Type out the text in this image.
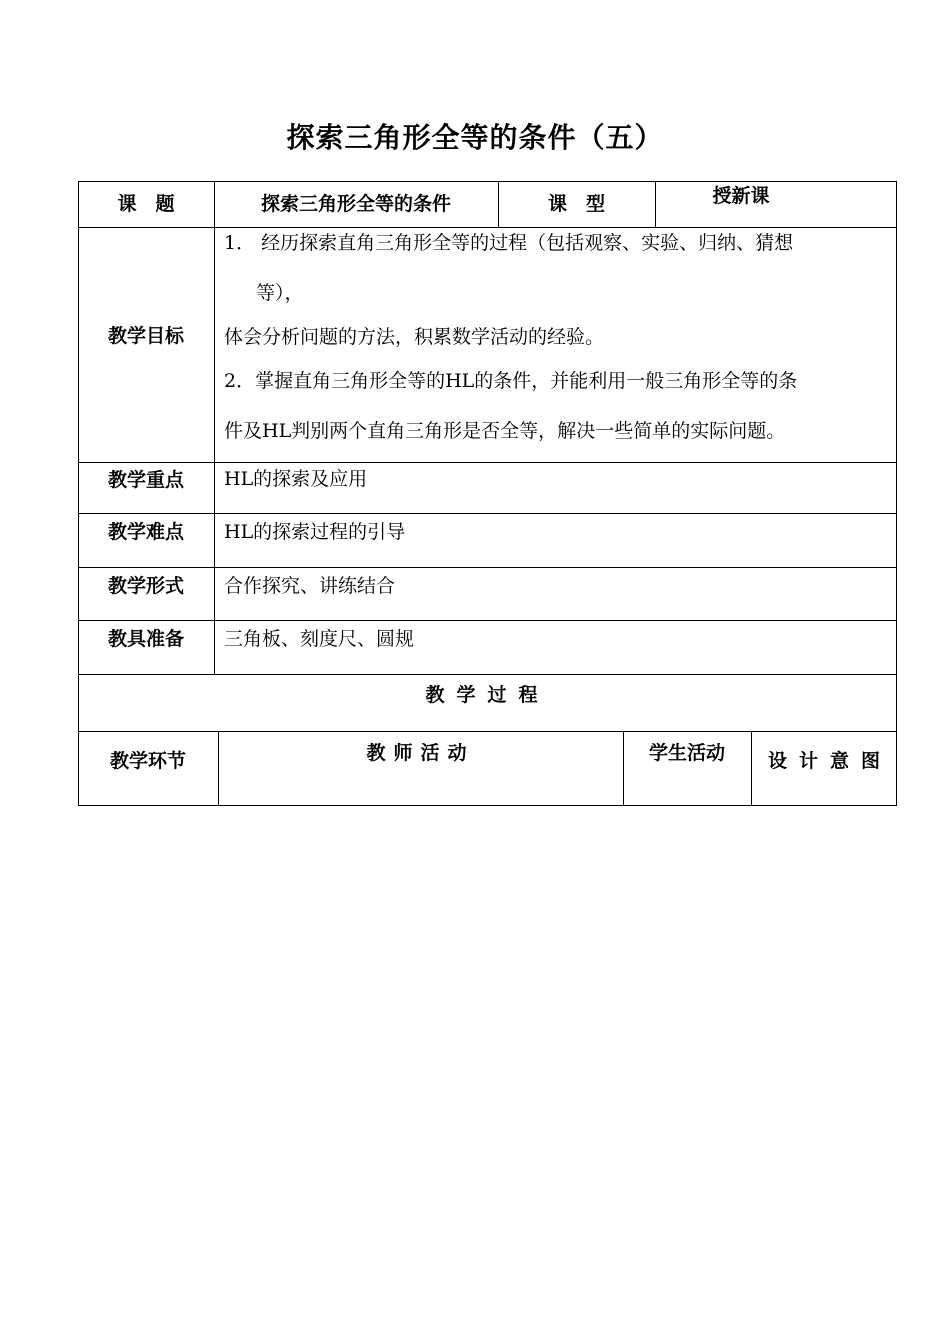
探索三角形全等的条件（五）
课　题	探索三角形全等的条件	课　型	授新课
教学目标

1． 经历探索直角三角形全等的过程（包括观察、实验、归纳、猜想

等），

体会分析问题的方法，积累数学活动的经验。

2．掌握直角三角形全等的HL的条件，并能利用一般三角形全等的条

件及HL判别两个直角三角形是否全等，解决一些简单的实际问题。

教学重点	HL的探索及应用
教学难点	HL的探索过程的引导
教学形式	合作探究、讲练结合
教具准备	三角板、刻度尺、圆规
教学过程
教学环节	教师活动	学生活动	设计意图
